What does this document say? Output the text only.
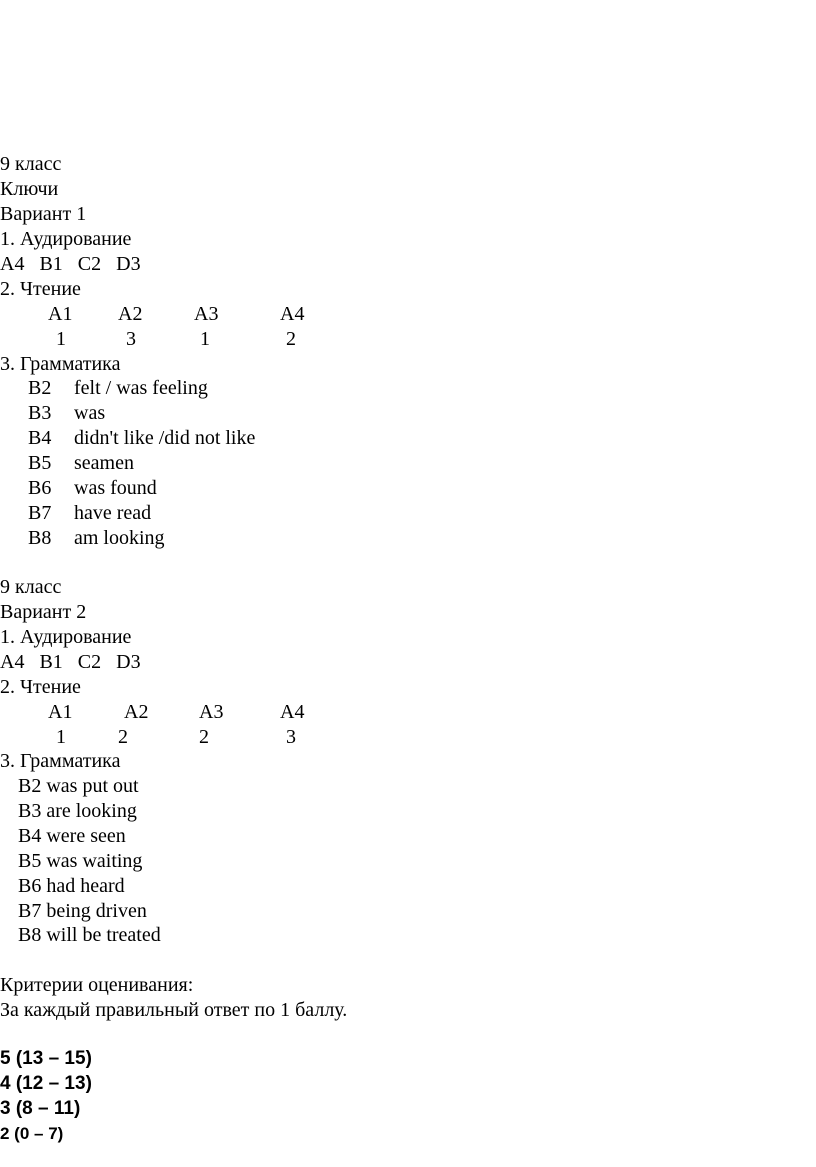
9 класс
Ключи
Вариант 1
1. Аудирование
A4   B1   C2   D3
2. Чтение
A1 A2	A3	A4
1	3	1	2
3. Грамматика
B2 felt / was feeling
B3 was
B4 didn't like /did not like
B5 seamen
B6 was found
B7 have read
B8 am looking
9 класс
Вариант 2
1. Аудирование
A4   B1   C2   D3
2. Чтение
A1	A2	A3	A4
1	2	2	3
3. Грамматика
B2 was put out
B3 are looking
B4 were seen
B5 was waiting
B6 had heard
B7 being driven
B8 will be treated
Критерии оценивания:
За каждый правильный ответ по 1 баллу.
5 (13 – 15)
4 (12 – 13)
3 (8 – 11)
2 (0 – 7)
